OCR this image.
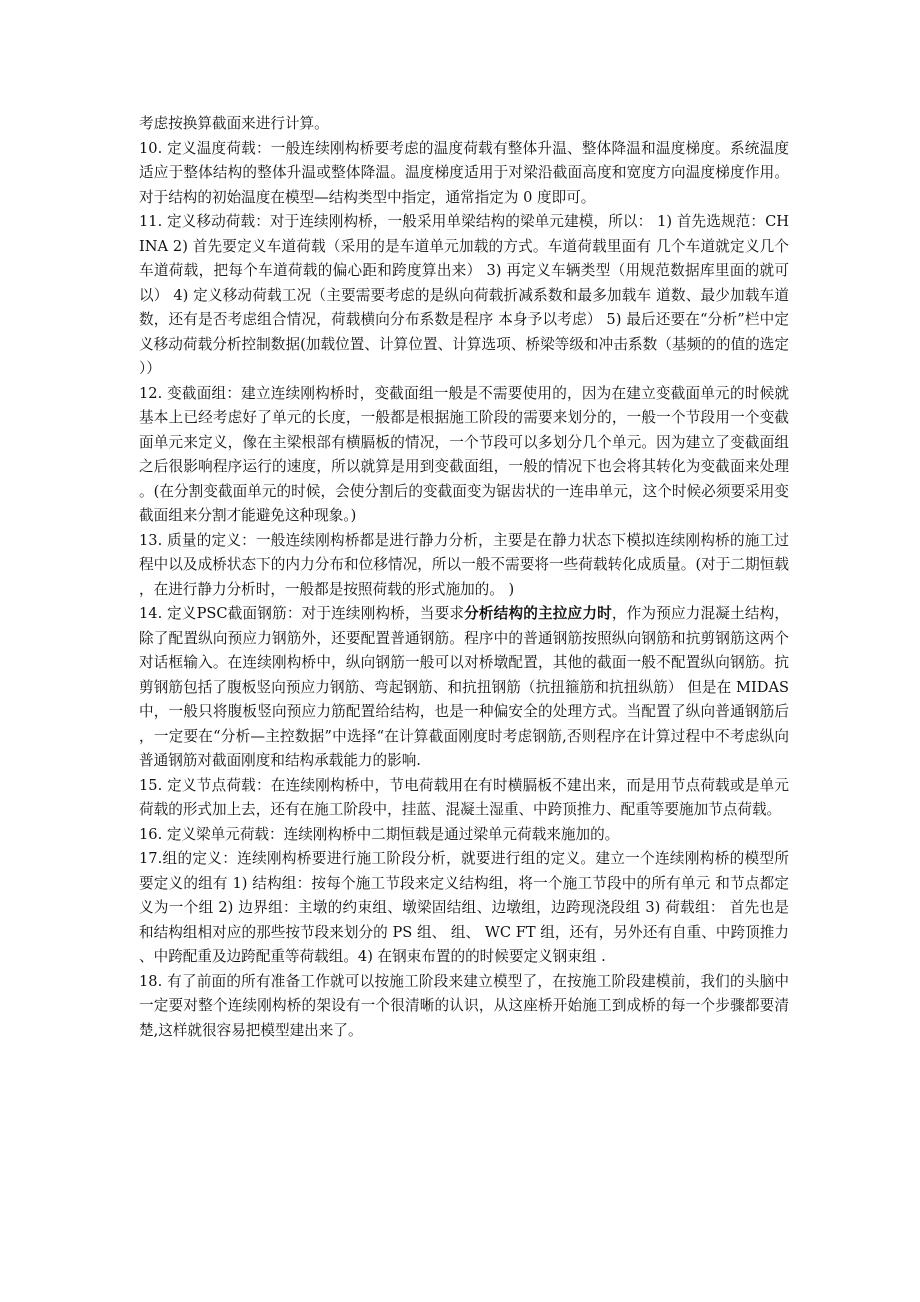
考虑按换算截面来进行计算。

10. 定义温度荷载：一般连续刚构桥要考虑的温度荷载有整体升温、整体降温和温度梯度。系统温度适应于整体结构的整体升温或整体降温。温度梯度适用于对梁沿截面高度和宽度方向温度梯度作用。对于结构的初始温度在模型—结构类型中指定，通常指定为 0 度即可。

11. 定义移动荷载：对于连续刚构桥，一般采用单梁结构的梁单元建模，所以： 1) 首先选规范：CHINA 2) 首先要定义车道荷载（采用的是车道单元加载的方式。车道荷载里面有 几个车道就定义几个车道荷载，把每个车道荷载的偏心距和跨度算出来） 3) 再定义车辆类型（用规范数据库里面的就可以） 4) 定义移动荷载工况（主要需要考虑的是纵向荷载折减系数和最多加载车 道数、最少加载车道数，还有是否考虑组合情况，荷载横向分布系数是程序 本身予以考虑） 5) 最后还要在“分析”栏中定义移动荷载分析控制数据(加载位置、计算位置、计算选项、桥梁等级和冲击系数（基频的的值的选定））

12. 变截面组：建立连续刚构桥时，变截面组一般是不需要使用的，因为在建立变截面单元的时候就基本上已经考虑好了单元的长度，一般都是根据施工阶段的需要来划分的，一般一个节段用一个变截面单元来定义，像在主梁根部有横膈板的情况，一个节段可以多划分几个单元。因为建立了变截面组之后很影响程序运行的速度，所以就算是用到变截面组，一般的情况下也会将其转化为变截面来处理。(在分割变截面单元的时候，会使分割后的变截面变为锯齿状的一连串单元，这个时候必须要采用变截面组来分割才能避免这种现象。)

13. 质量的定义：一般连续刚构桥都是进行静力分析，主要是在静力状态下模拟连续刚构桥的施工过程中以及成桥状态下的内力分布和位移情况，所以一般不需要将一些荷载转化成质量。(对于二期恒载，在进行静力分析时，一般都是按照荷载的形式施加的。 )

14. 定义PSC截面钢筋：对于连续刚构桥，当要求分析结构的主拉应力时，作为预应力混凝土结构，除了配置纵向预应力钢筋外，还要配置普通钢筋。程序中的普通钢筋按照纵向钢筋和抗剪钢筋这两个对话框输入。在连续刚构桥中，纵向钢筋一般可以对桥墩配置，其他的截面一般不配置纵向钢筋。抗剪钢筋包括了腹板竖向预应力钢筋、弯起钢筋、和抗扭钢筋（抗扭箍筋和抗扭纵筋） 但是在 MIDAS 中，一般只将腹板竖向预应力筋配置给结构，也是一种偏安全的处理方式。当配置了纵向普通钢筋后，一定要在“分析—主控数据”中选择“在计算截面刚度时考虑钢筋,否则程序在计算过程中不考虑纵向普通钢筋对截面刚度和结构承载能力的影响.

15. 定义节点荷载：在连续刚构桥中，节电荷载用在有时横膈板不建出来，而是用节点荷载或是单元荷载的形式加上去，还有在施工阶段中，挂蓝、混凝土湿重、中跨顶推力、配重等要施加节点荷载。

16. 定义梁单元荷载：连续刚构桥中二期恒载是通过梁单元荷载来施加的。

17.组的定义：连续刚构桥要进行施工阶段分析，就要进行组的定义。建立一个连续刚构桥的模型所要定义的组有 1) 结构组：按每个施工节段来定义结构组，将一个施工节段中的所有单元 和节点都定义为一个组 2) 边界组：主墩的约束组、墩梁固结组、边墩组，边跨现浇段组 3) 荷载组： 首先也是和结构组相对应的那些按节段来划分的 PS 组、 组、 WC FT 组，还有，另外还有自重、中跨顶推力、中跨配重及边跨配重等荷载组。4) 在钢束布置的的时候要定义钢束组 .

18. 有了前面的所有准备工作就可以按施工阶段来建立模型了，在按施工阶段建模前，我们的头脑中一定要对整个连续刚构桥的架设有一个很清晰的认识，从这座桥开始施工到成桥的每一个步骤都要清楚,这样就很容易把模型建出来了。
